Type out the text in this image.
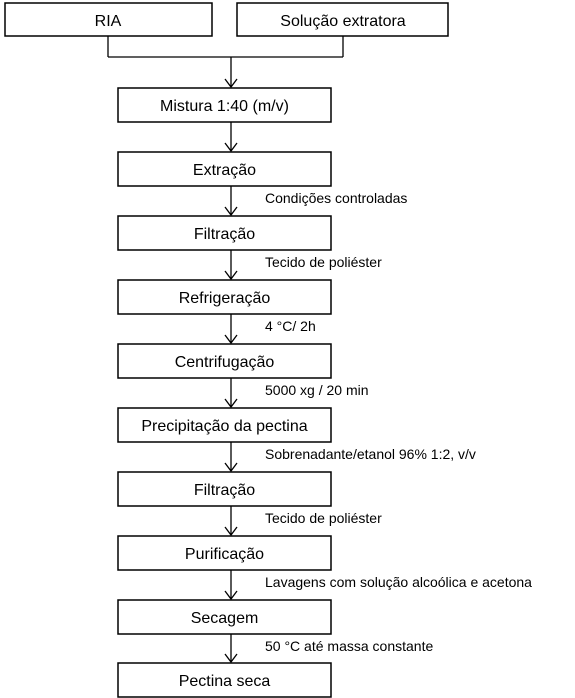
RIA	Solução extratora
Mistura 1:40 (m/v)
Extração
Condições controladas
Filtração
Tecido de poliéster
Refrigeração
4 °C/ 2h
Centrifugação
5000 xg / 20 min
Precipitação da pectina
Sobrenadante/etanol 96% 1:2, v/v
Filtração
Tecido de poliéster
Purificação
Lavagens com solução alcoólica e acetona
Secagem
50 °C até massa constante
Pectina seca
